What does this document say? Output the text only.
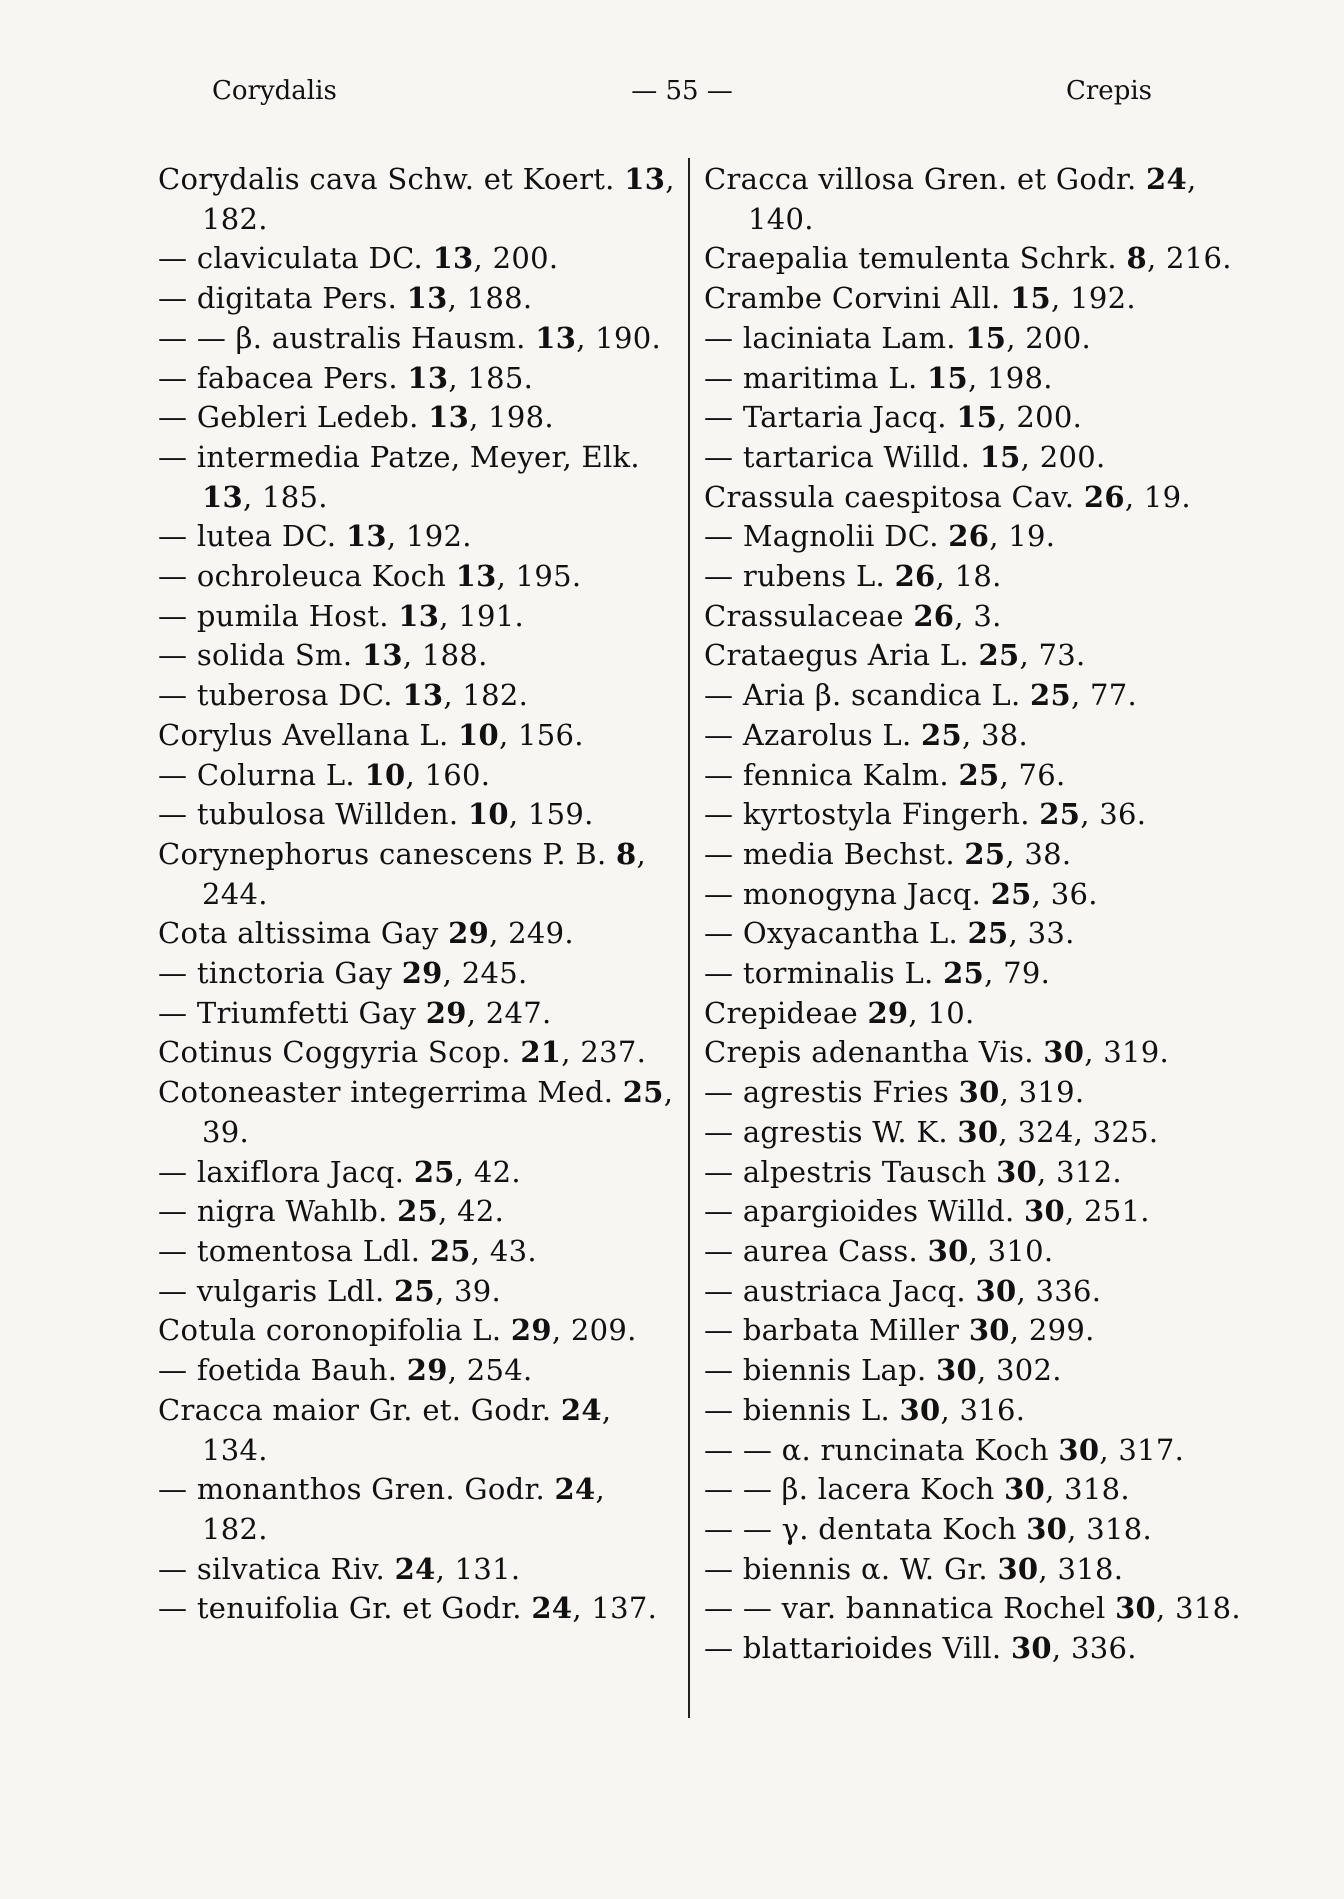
Corydalis	— 55 —	Crepis

Corydalis cava Schw. et Koert. 13, 182.

— claviculata DC. 13, 200.

— digitata Pers. 13, 188.

— — β. australis Hausm. 13, 190.

— fabacea Pers. 13, 185.

— Gebleri Ledeb. 13, 198.

— intermedia Patze, Meyer, Elk. 13, 185.

— lutea DC. 13, 192.

— ochroleuca Koch 13, 195.

— pumila Host. 13, 191.

— solida Sm. 13, 188.

— tuberosa DC. 13, 182.

Corylus Avellana L. 10, 156.

— Colurna L. 10, 160.

— tubulosa Willden. 10, 159.

Corynephorus canescens P. B. 8, 244.

Cota altissima Gay 29, 249.

— tinctoria Gay 29, 245.

— Triumfetti Gay 29, 247.

Cotinus Coggyria Scop. 21, 237.

Cotoneaster integerrima Med. 25, 39.

— laxiflora Jacq. 25, 42.

— nigra Wahlb. 25, 42.

— tomentosa Ldl. 25, 43.

— vulgaris Ldl. 25, 39.

Cotula coronopifolia L. 29, 209.

— foetida Bauh. 29, 254.

Cracca maior Gr. et. Godr. 24, 134.

— monanthos Gren. Godr. 24, 182.

— silvatica Riv. 24, 131.

— tenuifolia Gr. et Godr. 24, 137.

Cracca villosa Gren. et Godr. 24, 140.

Craepalia temulenta Schrk. 8, 216.

Crambe Corvini All. 15, 192.

— laciniata Lam. 15, 200.

— maritima L. 15, 198.

— Tartaria Jacq. 15, 200.

— tartarica Willd. 15, 200.

Crassula caespitosa Cav. 26, 19.

— Magnolii DC. 26, 19.

— rubens L. 26, 18.

Crassulaceae 26, 3.

Crataegus Aria L. 25, 73.

— Aria β. scandica L. 25, 77.

— Azarolus L. 25, 38.

— fennica Kalm. 25, 76.

— kyrtostyla Fingerh. 25, 36.

— media Bechst. 25, 38.

— monogyna Jacq. 25, 36.

— Oxyacantha L. 25, 33.

— torminalis L. 25, 79.

Crepideae 29, 10.

Crepis adenantha Vis. 30, 319.

— agrestis Fries 30, 319.

— agrestis W. K. 30, 324, 325.

— alpestris Tausch 30, 312.

— apargioides Willd. 30, 251.

— aurea Cass. 30, 310.

— austriaca Jacq. 30, 336.

— barbata Miller 30, 299.

— biennis Lap. 30, 302.

— biennis L. 30, 316.

— — α. runcinata Koch 30, 317.

— — β. lacera Koch 30, 318.

— — γ. dentata Koch 30, 318.

— biennis α. W. Gr. 30, 318.

— — var. bannatica Rochel 30, 318.

— blattarioides Vill. 30, 336.
